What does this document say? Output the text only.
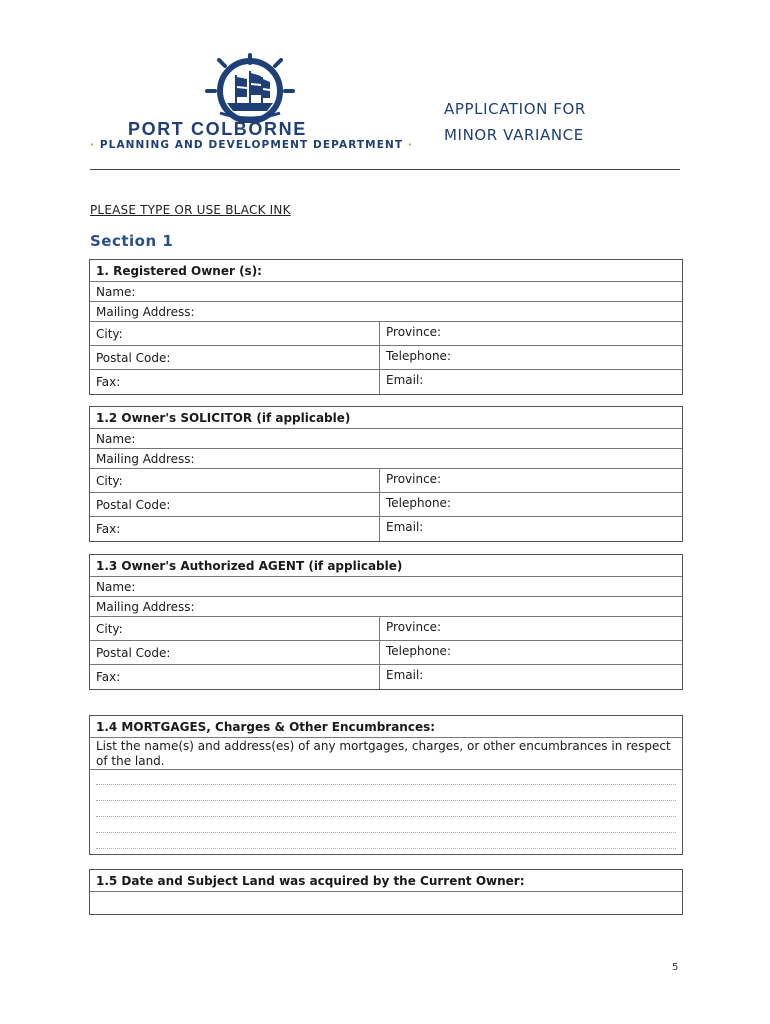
PORT COLBORNE
· PLANNING AND DEVELOPMENT DEPARTMENT ·
APPLICATION FOR
MINOR VARIANCE
PLEASE TYPE OR USE BLACK INK
Section 1
1. Registered Owner (s):
Name:
Mailing Address:
City:	Province:
Postal Code:	Telephone:
Fax:	Email:
1.2 Owner's SOLICITOR (if applicable)
Name:
Mailing Address:
City:	Province:
Postal Code:	Telephone:
Fax:	Email:
1.3 Owner's Authorized AGENT (if applicable)
Name:
Mailing Address:
City:	Province:
Postal Code:	Telephone:
Fax:	Email:
1.4 MORTGAGES, Charges & Other Encumbrances:
List the name(s) and address(es) of any mortgages, charges, or other encumbrances in respect of the land.
1.5 Date and Subject Land was acquired by the Current Owner:
5
